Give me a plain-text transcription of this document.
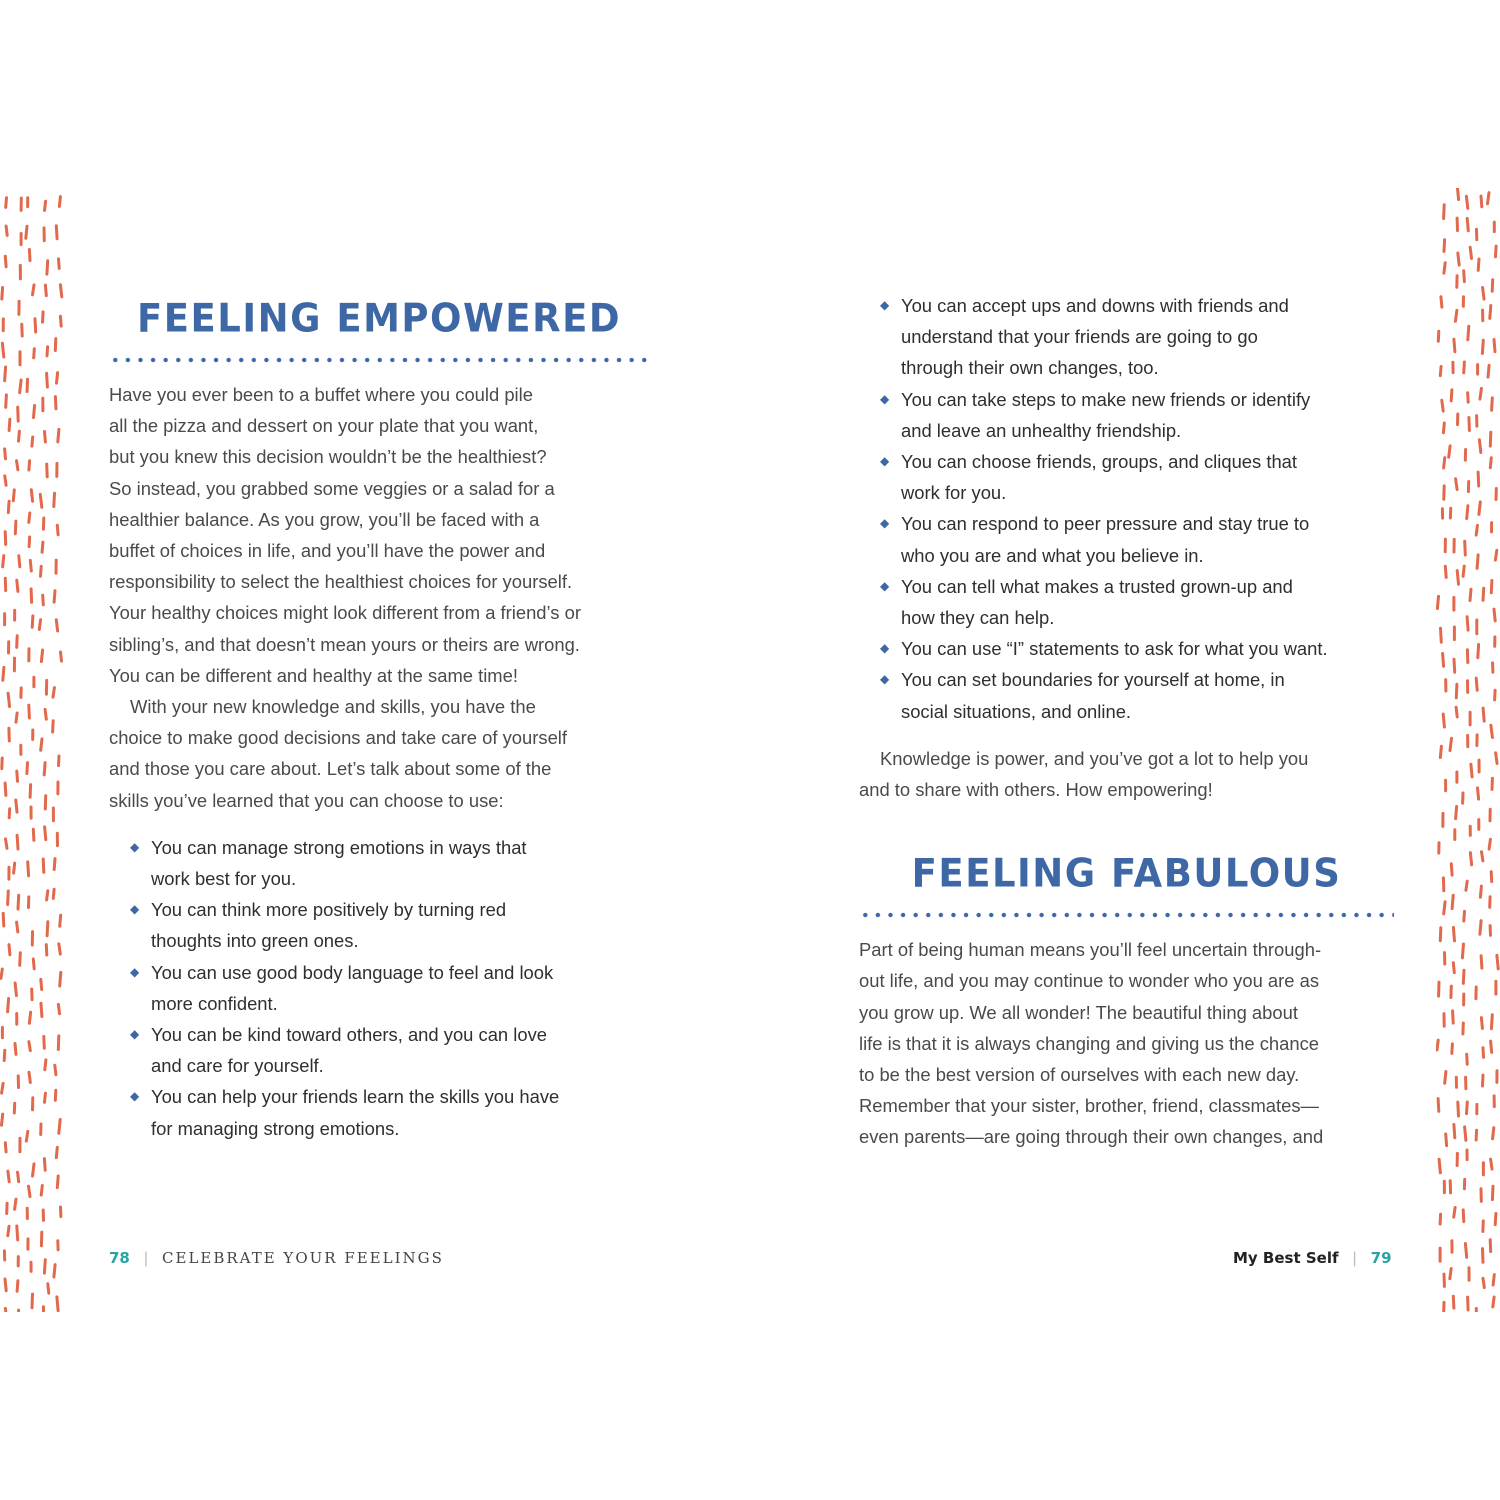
FEELING EMPOWERED

Have you ever been to a buffet where you could pile
all the pizza and dessert on your plate that you want,
but you knew this decision wouldn’t be the healthiest?
So instead, you grabbed some veggies or a salad for a
healthier balance. As you grow, you’ll be faced with a
buffet of choices in life, and you’ll have the power and
responsibility to select the healthiest choices for yourself.
Your healthy choices might look different from a friend’s or
sibling’s, and that doesn’t mean yours or theirs are wrong.
You can be different and healthy at the same time!

With your new knowledge and skills, you have the
choice to make good decisions and take care of yourself
and those you care about. Let’s talk about some of the
skills you’ve learned that you can choose to use:

◆ You can manage strong emotions in ways that
work best for you.
◆ You can think more positively by turning red
thoughts into green ones.
◆ You can use good body language to feel and look
more confident.
◆ You can be kind toward others, and you can love
and care for yourself.
◆ You can help your friends learn the skills you have
for managing strong emotions.
78 | CELEBRATE YOUR FEELINGS
◆ You can accept ups and downs with friends and
understand that your friends are going to go
through their own changes, too.
◆ You can take steps to make new friends or identify
and leave an unhealthy friendship.
◆ You can choose friends, groups, and cliques that
work for you.
◆ You can respond to peer pressure and stay true to
who you are and what you believe in.
◆ You can tell what makes a trusted grown-up and
how they can help.
◆ You can use “I” statements to ask for what you want.
◆ You can set boundaries for yourself at home, in
social situations, and online.

Knowledge is power, and you’ve got a lot to help you
and to share with others. How empowering!

FEELING FABULOUS

Part of being human means you’ll feel uncertain through-
out life, and you may continue to wonder who you are as
you grow up. We all wonder! The beautiful thing about
life is that it is always changing and giving us the chance
to be the best version of ourselves with each new day.
Remember that your sister, brother, friend, classmates—
even parents—are going through their own changes, and

My Best Self | 79
